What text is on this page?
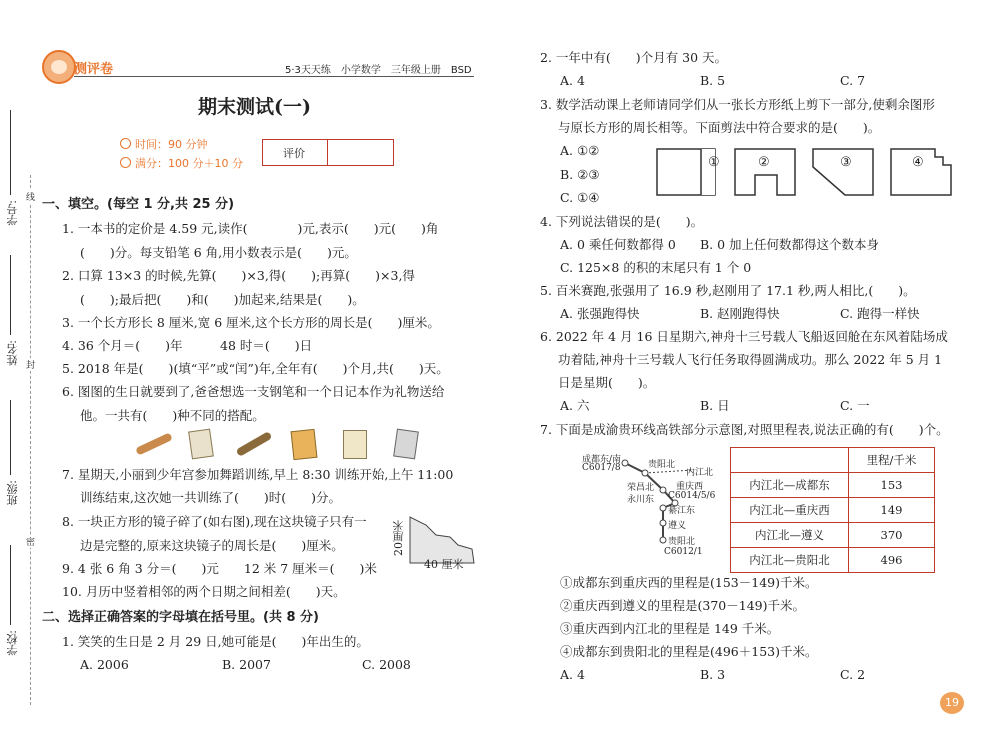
学号:
线
姓名:
封
班级:
密
学校:
测评卷	5·3天天练　小学数学　三年级上册　BSD
期末测试(一)
时间：90 分钟
满分：100 分＋10 分
评价
一、填空。(每空 1 分,共 25 分)
1. 一本书的定价是 4.59 元,读作(　　　　)元,表示(　　)元(　　)角
(　　)分。每支铅笔 6 角,用小数表示是(　　)元。
2. 口算 13×3 的时候,先算(　　)×3,得(　　);再算(　　)×3,得
(　　);最后把(　　)和(　　)加起来,结果是(　　)。
3. 一个长方形长 8 厘米,宽 6 厘米,这个长方形的周长是(　　)厘米。
4. 36 个月＝(　　)年　　　48 时＝(　　)日
5. 2018 年是(　　)(填“平”或“闰”)年,全年有(　　)个月,共(　　)天。
6. 图图的生日就要到了,爸爸想选一支钢笔和一个日记本作为礼物送给
他。一共有(　　)种不同的搭配。
7. 星期天,小丽到少年宫参加舞蹈训练,早上 8:30 训练开始,上午 11:00
训练结束,这次她一共训练了(　　)时(　　)分。
8. 一块正方形的镜子碎了(如右图),现在这块镜子只有一
边是完整的,原来这块镜子的周长是(　　)厘米。	20厘米
40 厘米
9. 4 张 6 角 3 分＝(　　)元　　12 米 7 厘米＝(　　)米
10. 月历中竖着相邻的两个日期之间相差(　　)天。
二、选择正确答案的字母填在括号里。(共 8 分)
1. 笑笑的生日是 2 月 29 日,她可能是(　　)年出生的。
A. 2006	B. 2007	C. 2008
2. 一年中有(　　)个月有 30 天。
A. 4	B. 5	C. 7
3. 数学活动课上老师请同学们从一张长方形纸上剪下一部分,使剩余图形
与原长方形的周长相等。下面剪法中符合要求的是(　　)。
A. ①②
B. ②③
C. ①④
①	②	③	④
4. 下列说法错误的是(　　)。
A. 0 乘任何数都得 0 B. 0 加上任何数都得这个数本身
C. 125×8 的积的末尾只有 1 个 0
5. 百米赛跑,张强用了 16.9 秒,赵刚用了 17.1 秒,两人相比,(　　)。
A. 张强跑得快	B. 赵刚跑得快	C. 跑得一样快
6. 2022 年 4 月 16 日星期六,神舟十三号载人飞船返回舱在东风着陆场成
功着陆,神舟十三号载人飞行任务取得圆满成功。那么 2022 年 5 月 1
日是星期(　　)。
A. 六	B. 日	C. 一
7. 下面是成渝贵环线高铁部分示意图,对照里程表,说法正确的有(　　)个。
成都东/南
C6017/8	贵阳北
内江北
荣昌北 重庆西
永川东 C6014/5/6
綦江东
遵义
贵阳北
C6012/1
	里程/千米
内江北—成都东	153
内江北—重庆西	149
内江北—遵义	370
内江北—贵阳北	496
①成都东到重庆西的里程是(153－149)千米。
②重庆西到遵义的里程是(370－149)千米。
③重庆西到内江北的里程是 149 千米。
④成都东到贵阳北的里程是(496＋153)千米。
A. 4	B. 3	C. 2
19
